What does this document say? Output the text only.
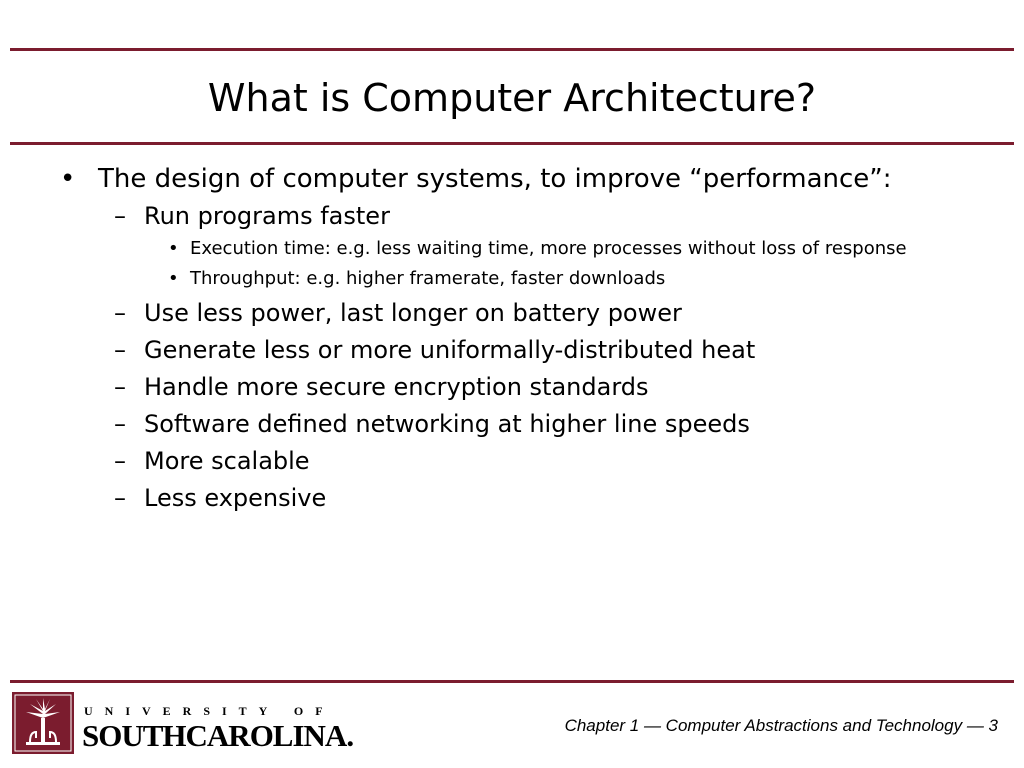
What is Computer Architecture?
• The design of computer systems, to improve “performance”:
– Run programs faster
• Execution time: e.g. less waiting time, more processes without loss of response
• Throughput: e.g. higher framerate, faster downloads
– Use less power, last longer on battery power
– Generate less or more uniformally-distributed heat
– Handle more secure encryption standards
– Software defined networking at higher line speeds
– More scalable
– Less expensive
UNIVERSITY OF
SOUTHCAROLINA.	Chapter 1 — Computer Abstractions and Technology — 3
